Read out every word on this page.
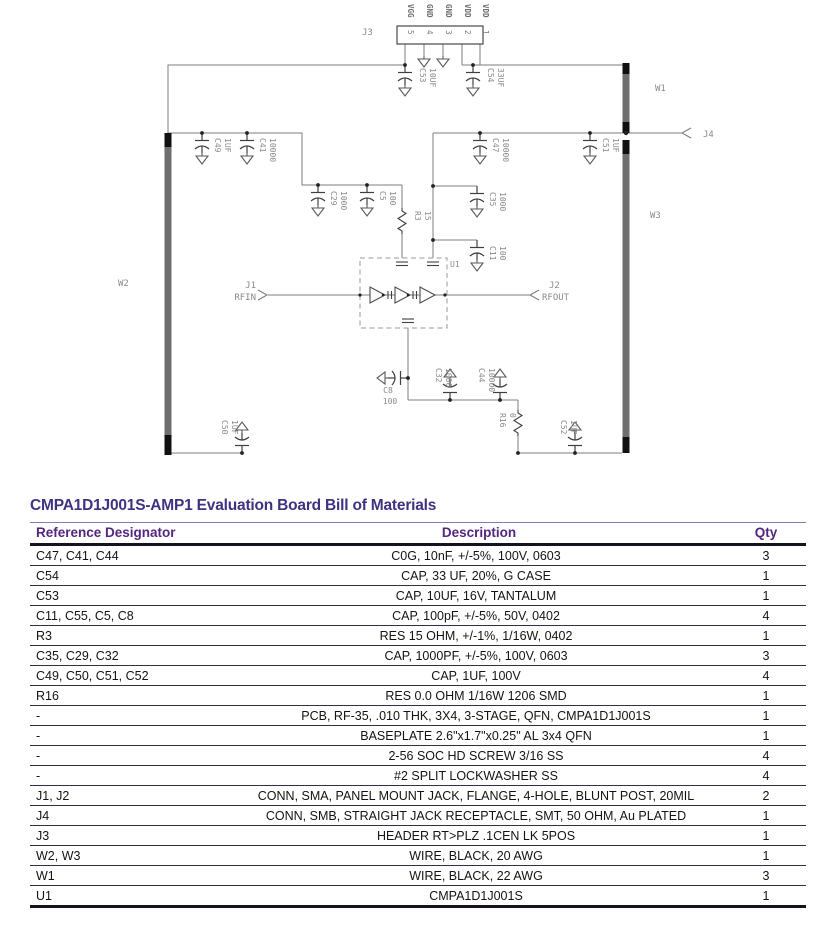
J3	5 4 3 2 1
VGG GND GND VDD VDD
U1
W1
W2
W3
J1
RFIN
J2
RFOUT
J4
C53 10UF	C54 33UF
C49 1UF	C41 10000
C29 1000	C5 100
R3 15
C47 10000
C35 1000
C11 100
C51 1UF
C8
100
C32 1000	C44 10000
R16 0
C52 1UF
C50 1UF
CMPA1D1J001S-AMP1 Evaluation Board Bill of Materials
Reference Designator	Description	Qty
C47, C41, C44	C0G, 10nF, +/-5%, 100V, 0603	3
C54	CAP, 33 UF, 20%, G CASE	1
C53	CAP, 10UF, 16V, TANTALUM	1
C11, C55, C5, C8	CAP, 100pF, +/-5%, 50V, 0402	4
R3	RES 15 OHM, +/-1%, 1/16W, 0402	1
C35, C29, C32	CAP, 1000PF, +/-5%, 100V, 0603	3
C49, C50, C51, C52	CAP, 1UF, 100V	4
R16	RES 0.0 OHM 1/16W 1206 SMD	1
-	PCB, RF-35, .010 THK, 3X4, 3-STAGE, QFN, CMPA1D1J001S	1
-	BASEPLATE 2.6"x1.7"x0.25" AL 3x4 QFN	1
-	2-56 SOC HD SCREW 3/16 SS	4
-	#2 SPLIT LOCKWASHER SS	4
J1, J2	CONN, SMA, PANEL MOUNT JACK, FLANGE, 4-HOLE, BLUNT POST, 20MIL	2
J4	CONN, SMB, STRAIGHT JACK RECEPTACLE, SMT, 50 OHM, Au PLATED	1
J3	HEADER RT>PLZ .1CEN LK 5POS	1
W2, W3	WIRE, BLACK, 20 AWG	1
W1	WIRE, BLACK, 22 AWG	3
U1	CMPA1D1J001S	1
